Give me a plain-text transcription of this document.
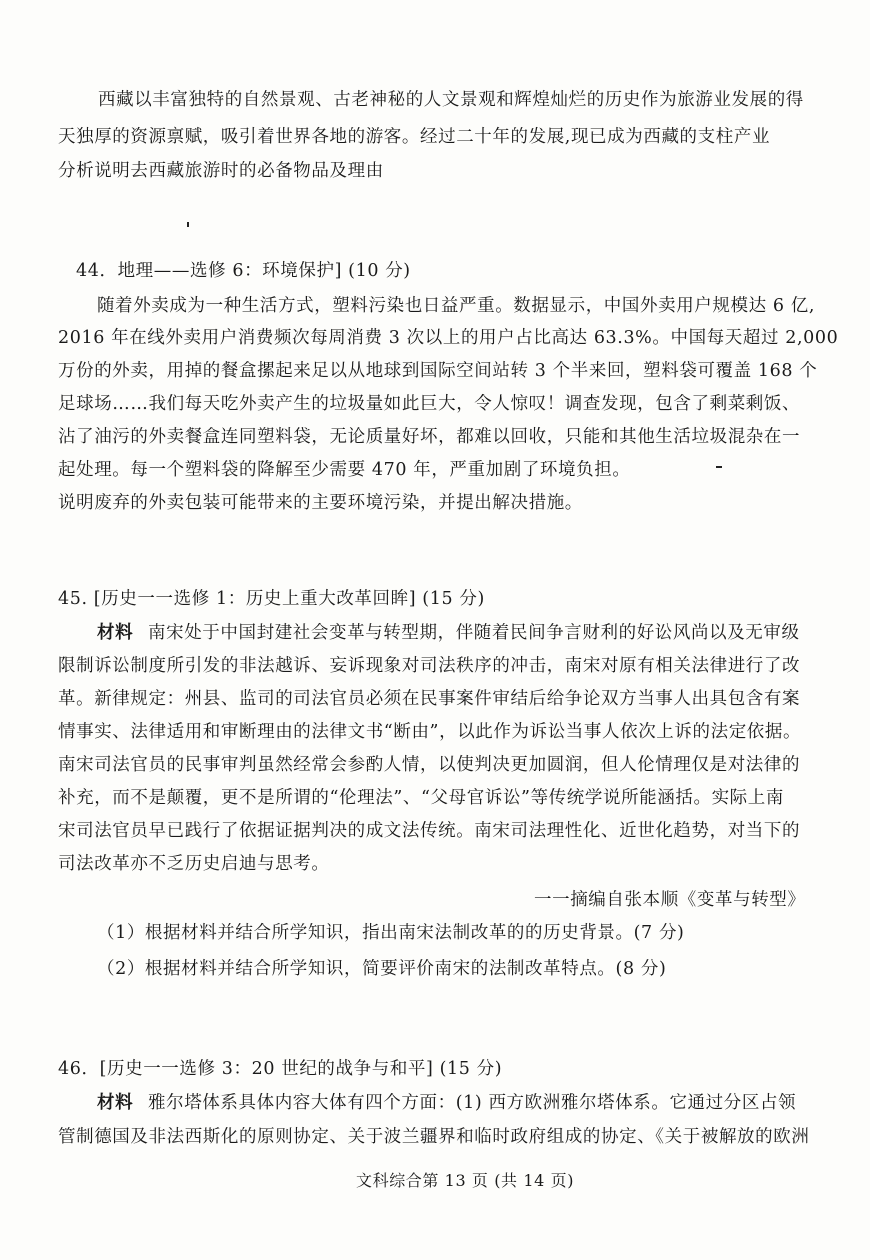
西藏以丰富独特的自然景观、古老神秘的人文景观和辉煌灿烂的历史作为旅游业发展的得
天独厚的资源禀赋，吸引着世界各地的游客。经过二十年的发展,现已成为西藏的支柱产业
分析说明去西藏旅游时的必备物品及理由
44．地理——选修 6：环境保护] (10 分)
随着外卖成为一种生活方式，塑料污染也日益严重。数据显示，中国外卖用户规模达 6 亿,
2016 年在线外卖用户消费频次每周消费 3 次以上的用户占比高达 63.3%。中国每天超过 2,000
万份的外卖，用掉的餐盒摞起来足以从地球到国际空间站转 3 个半来回，塑料袋可覆盖 168 个
足球场……我们每天吃外卖产生的垃圾量如此巨大，令人惊叹！调查发现，包含了剩菜剩饭、
沾了油污的外卖餐盒连同塑料袋，无论质量好坏，都难以回收，只能和其他生活垃圾混杂在一
起处理。每一个塑料袋的降解至少需要 470 年，严重加剧了环境负担。
说明废弃的外卖包装可能带来的主要环境污染，并提出解决措施。
45. [历史一一选修 1：历史上重大改革回眸] (15 分)
材料 南宋处于中国封建社会变革与转型期，伴随着民间争言财利的好讼风尚以及无审级
限制诉讼制度所引发的非法越诉、妄诉现象对司法秩序的冲击，南宋对原有相关法律进行了改
革。新律规定：州县、监司的司法官员必须在民事案件审结后给争论双方当事人出具包含有案
情事实、法律适用和审断理由的法律文书“断由”，以此作为诉讼当事人依次上诉的法定依据。
南宋司法官员的民事审判虽然经常会参酌人情，以使判决更加圆润，但人伦情理仅是对法律的
补充，而不是颠覆，更不是所谓的“伦理法”、“父母官诉讼”等传统学说所能涵括。实际上南
宋司法官员早已践行了依据证据判决的成文法传统。南宋司法理性化、近世化趋势，对当下的
司法改革亦不乏历史启迪与思考。
一一摘编自张本顺《变革与转型》
（1）根据材料并结合所学知识，指出南宋法制改革的的历史背景。(7 分)
（2）根据材料并结合所学知识，简要评价南宋的法制改革特点。(8 分)
46．[历史一一选修 3：20 世纪的战争与和平] (15 分)
材料 雅尔塔体系具体内容大体有四个方面：(1) 西方欧洲雅尔塔体系。它通过分区占领
管制德国及非法西斯化的原则协定、关于波兰疆界和临时政府组成的协定、《关于被解放的欧洲
文科综合第 13 页 (共 14 页)
